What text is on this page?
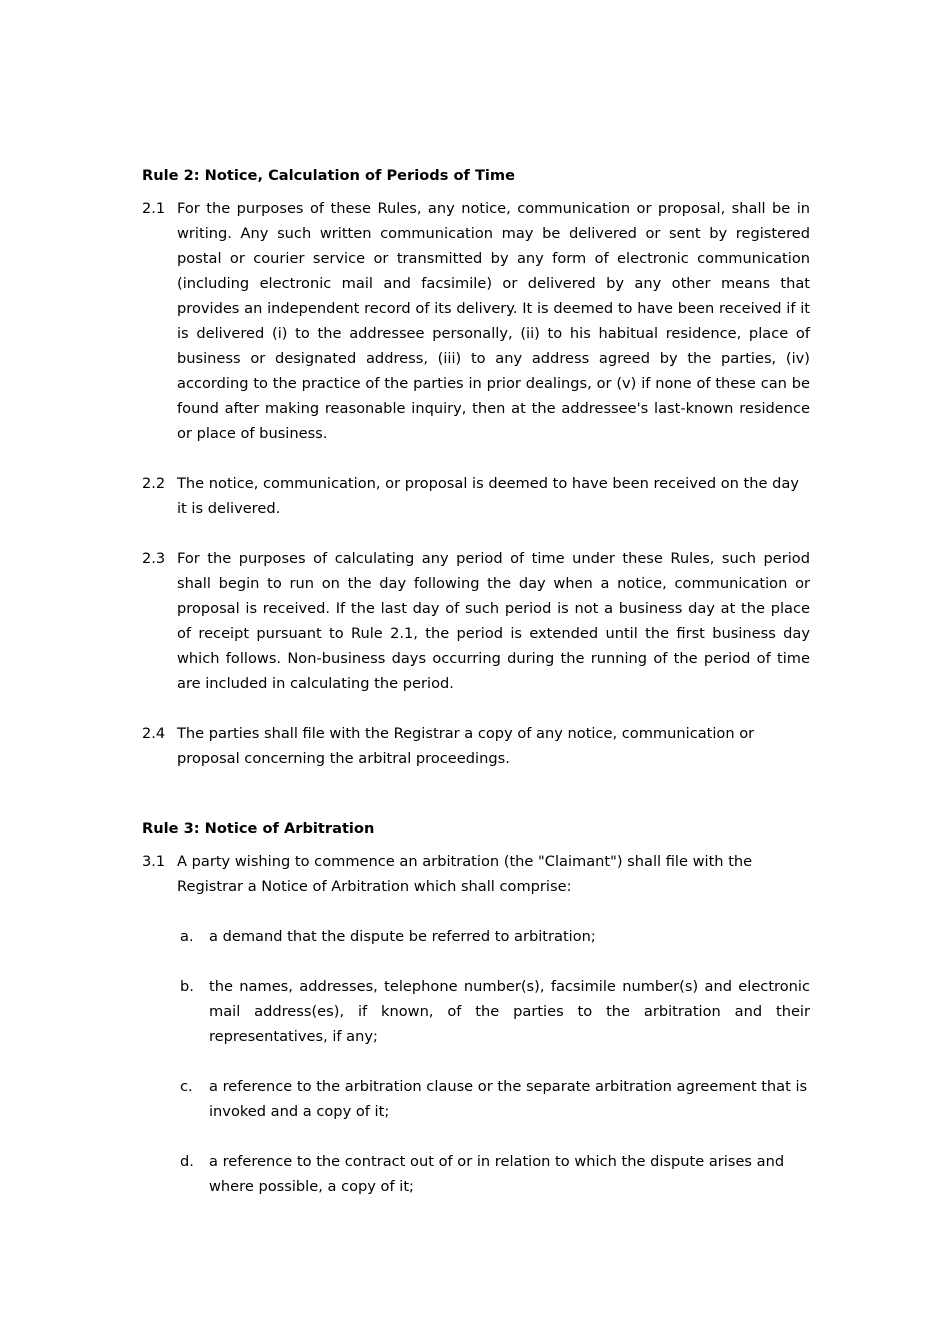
Rule 2: Notice, Calculation of Periods of Time
2.1 For the purposes of these Rules, any notice, communication or proposal, shall be in writing. Any such written communication may be delivered or sent by registered postal or courier service or transmitted by any form of electronic communication (including electronic mail and facsimile) or delivered by any other means that provides an independent record of its delivery. It is deemed to have been received if it is delivered (i) to the addressee personally, (ii) to his habitual residence, place of business or designated address, (iii) to any address agreed by the parties, (iv) according to the practice of the parties in prior dealings, or (v) if none of these can be found after making reasonable inquiry, then at the addressee's last-known residence or place of business.
2.2 The notice, communication, or proposal is deemed to have been received on the day it is delivered.
2.3 For the purposes of calculating any period of time under these Rules, such period shall begin to run on the day following the day when a notice, communication or proposal is received. If the last day of such period is not a business day at the place of receipt pursuant to Rule 2.1, the period is extended until the first business day which follows. Non-business days occurring during the running of the period of time are included in calculating the period.
2.4 The parties shall file with the Registrar a copy of any notice, communication or proposal concerning the arbitral proceedings.
Rule 3: Notice of Arbitration
3.1 A party wishing to commence an arbitration (the "Claimant") shall file with the Registrar a Notice of Arbitration which shall comprise:
a.	a demand that the dispute be referred to arbitration;
b.	the names, addresses, telephone number(s), facsimile number(s) and electronic mail address(es), if known, of the parties to the arbitration and their representatives, if any;
c.	a reference to the arbitration clause or the separate arbitration agreement that is invoked and a copy of it;
d.	a reference to the contract out of or in relation to which the dispute arises and where possible, a copy of it;
